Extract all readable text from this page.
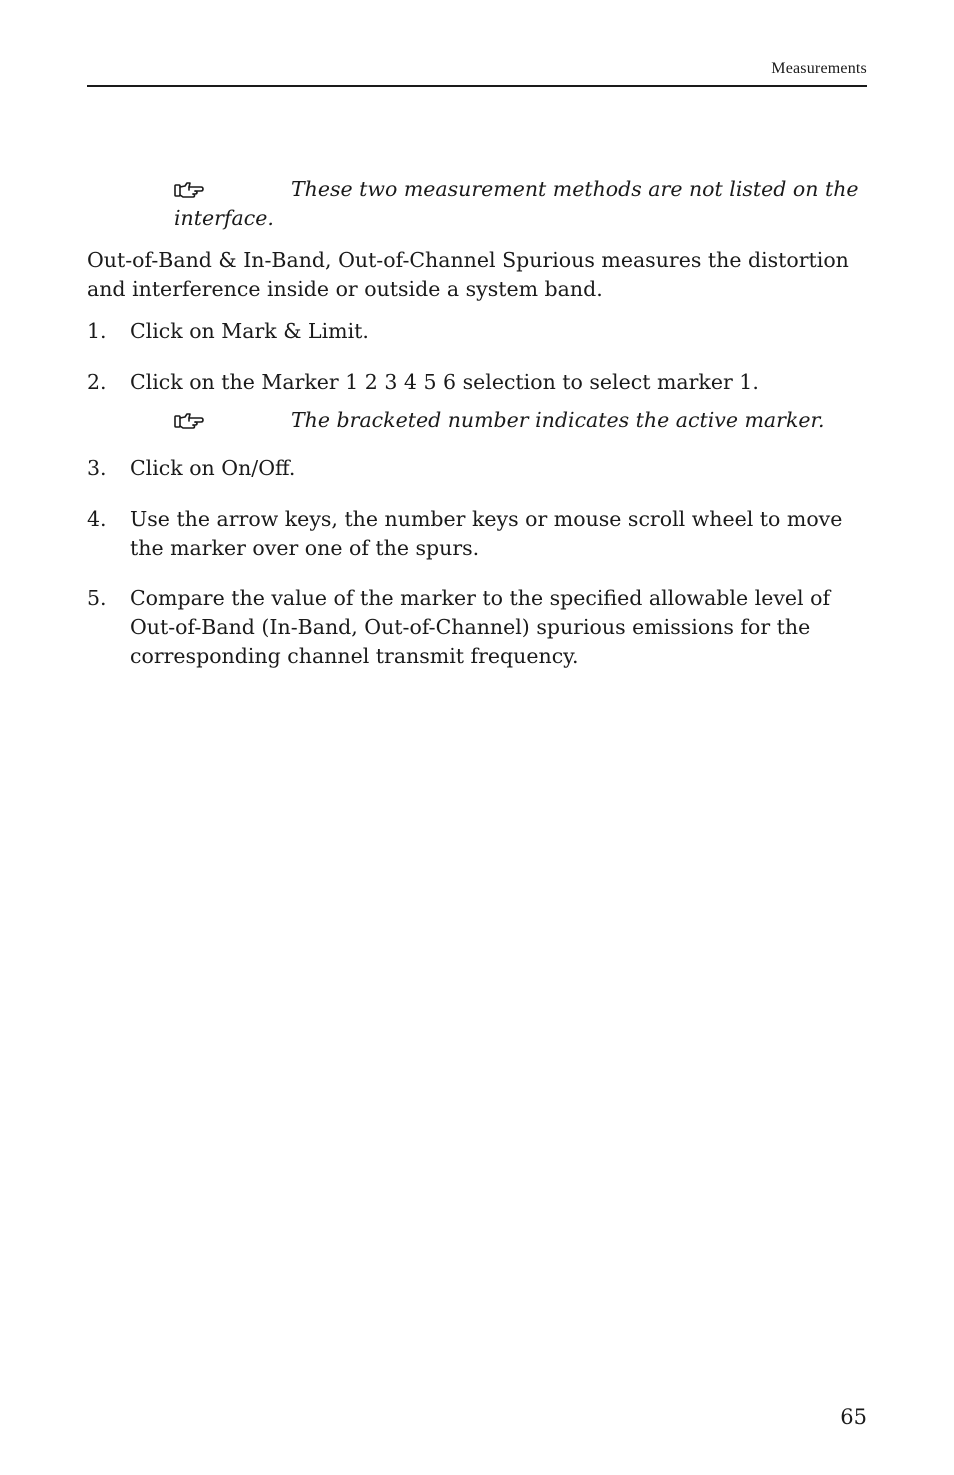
Measurements
These two measurement methods are not listed on the interface.

Out-of-Band & In-Band, Out-of-Channel Spurious measures the distortion and interference inside or outside a system band.

1.	Click on Mark & Limit.
2.	Click on the Marker 1 2 3 4 5 6 selection to select marker 1.
The bracketed number indicates the active marker.
3.	Click on On/Off.
4.	Use the arrow keys, the number keys or mouse scroll wheel to move the marker over one of the spurs.
5.	Compare the value of the marker to the specified allowable level of Out-of-Band (In-Band, Out-of-Channel) spurious emissions for the corresponding channel transmit frequency.
65
